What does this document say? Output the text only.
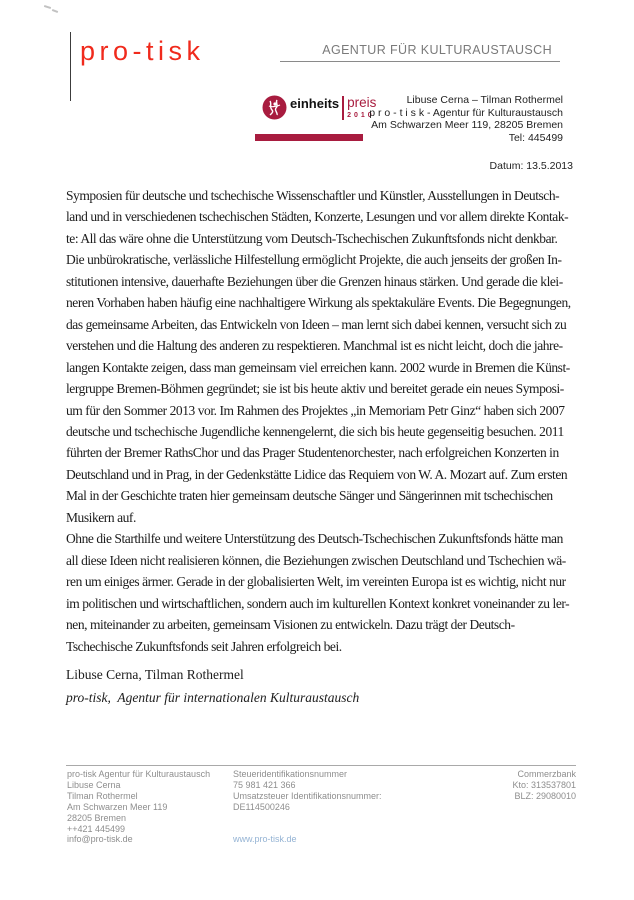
pro-tisk	AGENTUR FÜR KULTURAUSTAUSCH
einheits preis
2010
Libuse Cerna – Tilman Rothermel
p r o - t i s k - Agentur für Kulturaustausch
Am Schwarzen Meer 119, 28205 Bremen
Tel: 445499
Datum: 13.5.2013
Symposien für deutsche und tschechische Wissenschaftler und Künstler, Ausstellungen in Deutsch-
land und in verschiedenen tschechischen Städten, Konzerte, Lesungen und vor allem direkte Kontak-
te: All das wäre ohne die Unterstützung vom Deutsch-Tschechischen Zukunftsfonds nicht denkbar.
Die unbürokratische, verlässliche Hilfestellung ermöglicht Projekte, die auch jenseits der großen In-
stitutionen intensive, dauerhafte Beziehungen über die Grenzen hinaus stärken. Und gerade die klei-
neren Vorhaben haben häufig eine nachhaltigere Wirkung als spektakuläre Events. Die Begegnungen,
das gemeinsame Arbeiten, das Entwickeln von Ideen – man lernt sich dabei kennen, versucht sich zu
verstehen und die Haltung des anderen zu respektieren. Manchmal ist es nicht leicht, doch die jahre-
langen Kontakte zeigen, dass man gemeinsam viel erreichen kann. 2002 wurde in Bremen die Künst-
lergruppe Bremen-Böhmen gegründet; sie ist bis heute aktiv und bereitet gerade ein neues Symposi-
um für den Sommer 2013 vor. Im Rahmen des Projektes „in Memoriam Petr Ginz“ haben sich 2007
deutsche und tschechische Jugendliche kennengelernt, die sich bis heute gegenseitig besuchen. 2011
führten der Bremer RathsChor und das Prager Studentenorchester, nach erfolgreichen Konzerten in
Deutschland und in Prag, in der Gedenkstätte Lidice das Requiem von W. A. Mozart auf. Zum ersten
Mal in der Geschichte traten hier gemeinsam deutsche Sänger und Sängerinnen mit tschechischen
Musikern auf.
Ohne die Starthilfe und weitere Unterstützung des Deutsch-Tschechischen Zukunftsfonds hätte man
all diese Ideen nicht realisieren können, die Beziehungen zwischen Deutschland und Tschechien wä-
ren um einiges ärmer. Gerade in der globalisierten Welt, im vereinten Europa ist es wichtig, nicht nur
im politischen und wirtschaftlichen, sondern auch im kulturellen Kontext konkret voneinander zu ler-
nen, miteinander zu arbeiten, gemeinsam Visionen zu entwickeln. Dazu trägt der Deutsch-
Tschechische Zukunftsfonds seit Jahren erfolgreich bei.
Libuse Cerna, Tilman Rothermel
pro-tisk,  Agentur für internationalen Kulturaustausch
pro-tisk Agentur für Kulturaustausch
Libuse Cerna
Tilman Rothermel
Am Schwarzen Meer 119
28205 Bremen
++421 445499
info@pro-tisk.de
Steueridentifikationsnummer
75 981 421 366
Umsatzsteuer Identifikationsnummer:
DE114500246
www.pro-tisk.de
Commerzbank
Kto: 313537801
BLZ: 29080010
